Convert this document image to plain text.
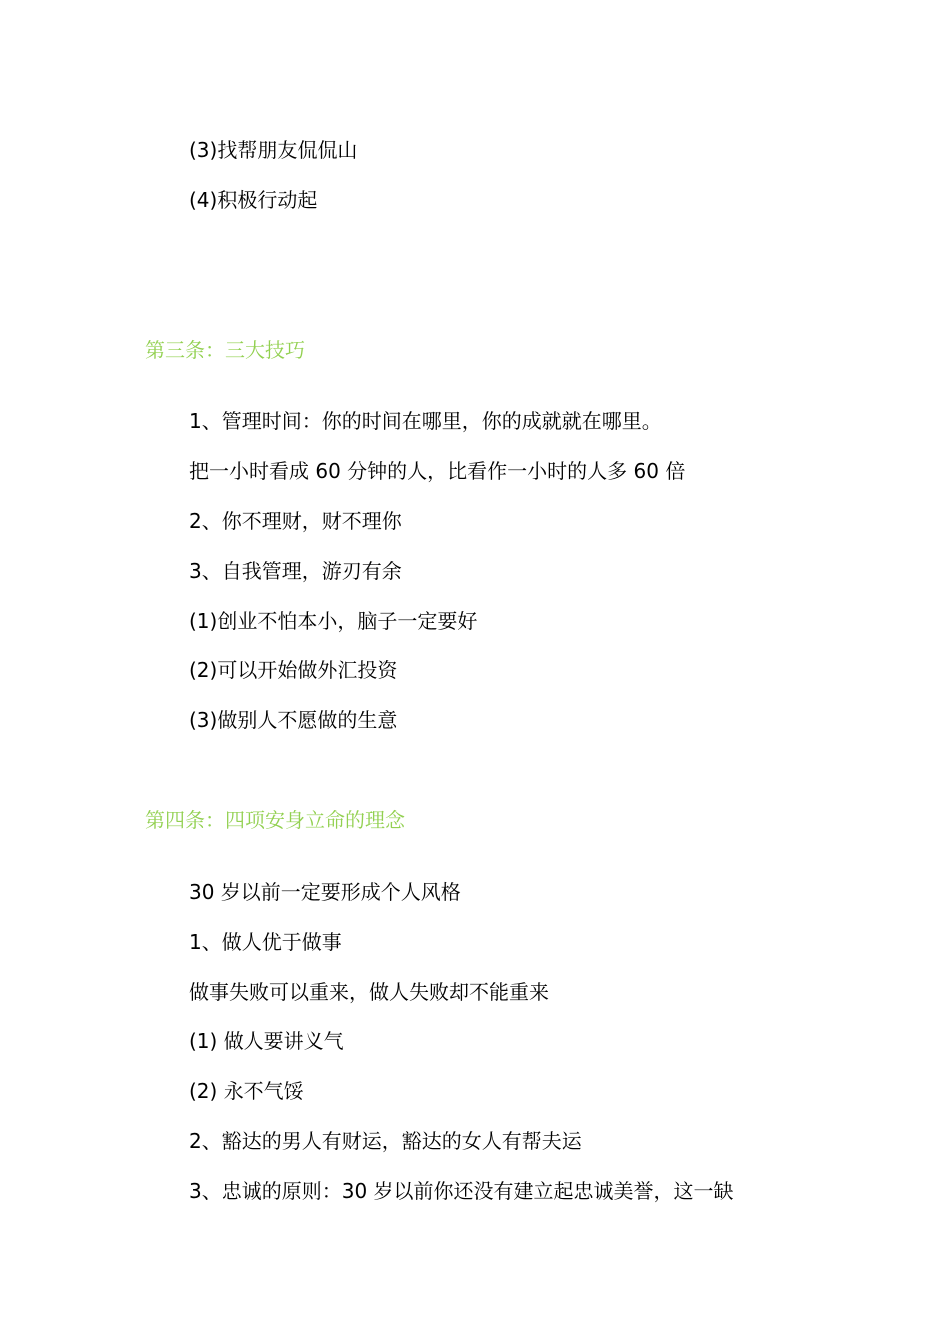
(3)找帮朋友侃侃山
(4)积极行动起
第三条：三大技巧
1、管理时间：你的时间在哪里，你的成就就在哪里。
把一小时看成 60 分钟的人，比看作一小时的人多 60 倍
2、你不理财，财不理你
3、自我管理，游刃有余
(1)创业不怕本小，脑子一定要好
(2)可以开始做外汇投资
(3)做别人不愿做的生意
第四条：四项安身立命的理念
30 岁以前一定要形成个人风格
1、做人优于做事
做事失败可以重来，做人失败却不能重来
(1) 做人要讲义气
(2) 永不气馁
2、豁达的男人有财运，豁达的女人有帮夫运
3、忠诚的原则：30 岁以前你还没有建立起忠诚美誉，这一缺
